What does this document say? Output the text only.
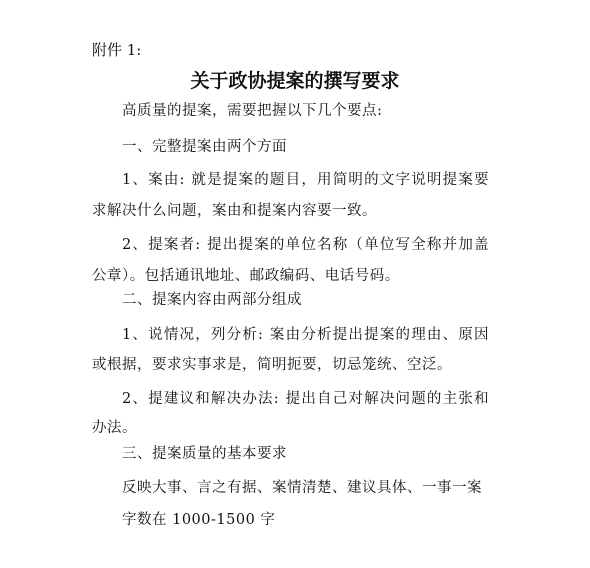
附件 1:
关于政协提案的撰写要求
高质量的提案，需要把握以下几个要点:
一、完整提案由两个方面
1、案由: 就是提案的题目，用简明的文字说明提案要
求解决什么问题，案由和提案内容要一致。
2、提案者: 提出提案的单位名称（单位写全称并加盖
公章）。包括通讯地址、邮政编码、电话号码。
二、提案内容由两部分组成
1、说情况，列分析: 案由分析提出提案的理由、原因
或根据，要求实事求是，简明扼要，切忌笼统、空泛。
2、提建议和解决办法: 提出自己对解决问题的主张和
办法。
三、提案质量的基本要求
反映大事、言之有据、案情清楚、建议具体、一事一案
字数在 1000-1500 字
